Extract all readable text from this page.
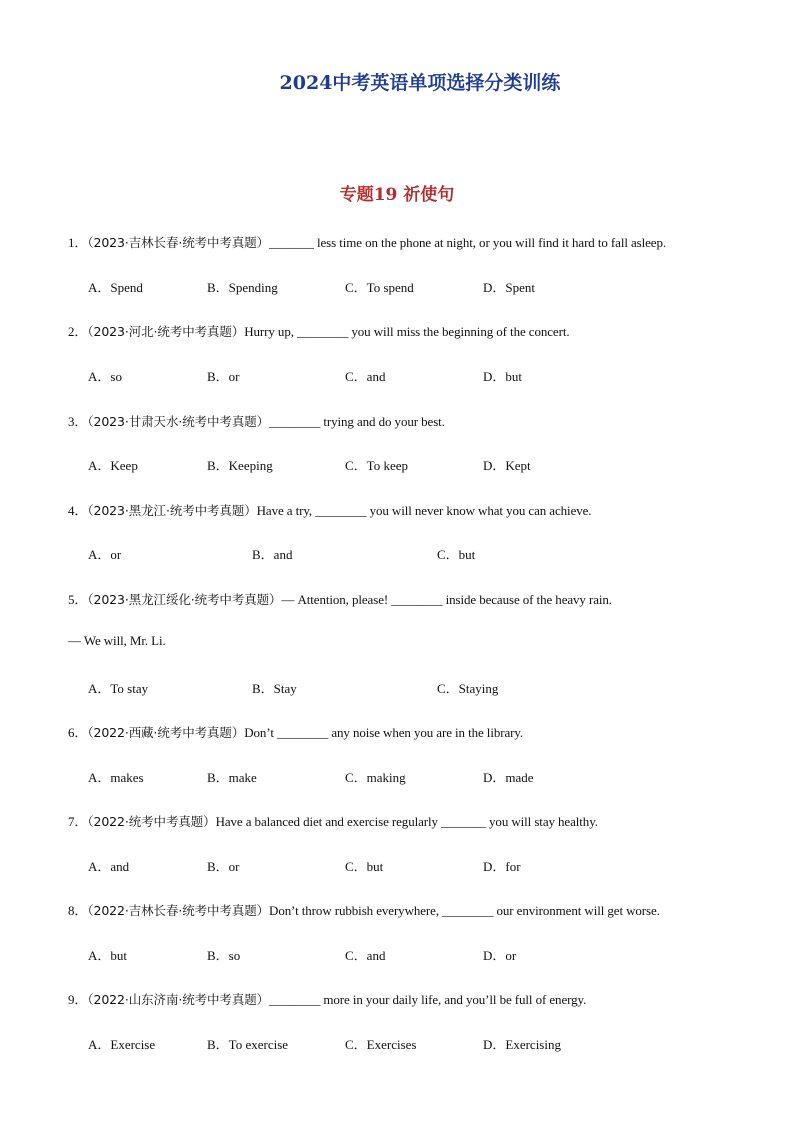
2024中考英语单项选择分类训练
专题19 祈使句
1．（2023·吉林长春·统考中考真题）_______ less time on the phone at night, or you will find it hard to fall asleep.
A．Spend	B．Spending	C．To spend	D．Spent
2．（2023·河北·统考中考真题）Hurry up, ________ you will miss the beginning of the concert.
A．so	B．or	C．and	D．but
3．（2023·甘肃天水·统考中考真题）________ trying and do your best.
A．Keep	B．Keeping	C．To keep	D．Kept
4．（2023·黑龙江·统考中考真题）Have a try, ________ you will never know what you can achieve.
A．or	B．and	C．but
5．（2023·黑龙江绥化·统考中考真题）— Attention, please! ________ inside because of the heavy rain.
— We will, Mr. Li.
A．To stay	B．Stay	C．Staying
6．（2022·西藏·统考中考真题）Don’t ________ any noise when you are in the library.
A．makes	B．make	C．making	D．made
7．（2022·统考中考真题）Have a balanced diet and exercise regularly _______ you will stay healthy.
A．and	B．or	C．but	D．for
8．（2022·吉林长春·统考中考真题）Don’t throw rubbish everywhere, ________ our environment will get worse.
A．but	B．so	C．and	D．or
9．（2022·山东济南·统考中考真题）________ more in your daily life, and you’ll be full of energy.
A．Exercise	B．To exercise	C．Exercises	D．Exercising
